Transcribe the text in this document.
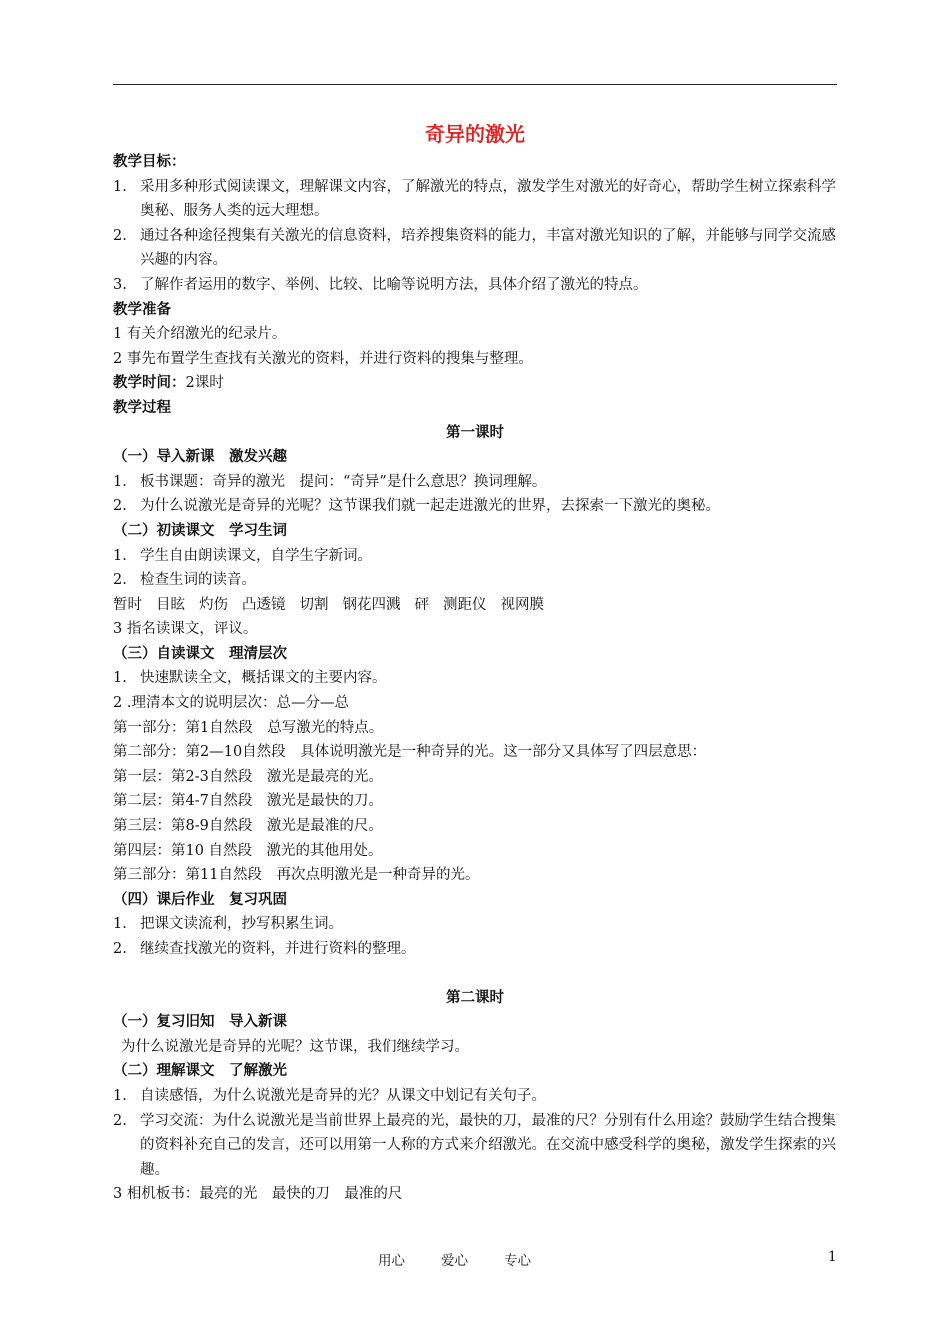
奇异的激光
教学目标：
1. 采用多种形式阅读课文，理解课文内容，了解激光的特点，激发学生对激光的好奇心，帮助学生树立探索科学奥秘、服务人类的远大理想。
2. 通过各种途径搜集有关激光的信息资料，培养搜集资料的能力，丰富对激光知识的了解，并能够与同学交流感兴趣的内容。
3. 了解作者运用的数字、举例、比较、比喻等说明方法，具体介绍了激光的特点。
教学准备
1 有关介绍激光的纪录片。
2 事先布置学生查找有关激光的资料，并进行资料的搜集与整理。
教学时间：2课时
教学过程
第一课时
（一）导入新课　激发兴趣
1. 板书课题：奇异的激光　提问：“奇异”是什么意思？换词理解。
2. 为什么说激光是奇异的光呢？这节课我们就一起走进激光的世界，去探索一下激光的奥秘。
（二）初读课文　学习生词
1. 学生自由朗读课文，自学生字新词。
2. 检查生词的读音。
暂时 目眩 灼伤 凸透镜 切割 钢花四溅 砰 测距仪 视网膜
3 指名读课文，评议。
（三）自读课文　理清层次
1. 快速默读全文，概括课文的主要内容。
2 .理清本文的说明层次：总—分—总
第一部分：第1自然段　总写激光的特点。
第二部分：第2—10自然段　具体说明激光是一种奇异的光。这一部分又具体写了四层意思：
第一层：第2-3自然段　激光是最亮的光。
第二层：第4-7自然段　激光是最快的刀。
第三层：第8-9自然段　激光是最准的尺。
第四层：第10 自然段　激光的其他用处。
第三部分：第11自然段　再次点明激光是一种奇异的光。
（四）课后作业　复习巩固
1. 把课文读流利，抄写积累生词。
2. 继续查找激光的资料，并进行资料的整理。
第二课时
（一）复习旧知　导入新课
为什么说激光是奇异的光呢？这节课，我们继续学习。
（二）理解课文　了解激光
1. 自读感悟，为什么说激光是奇异的光？从课文中划记有关句子。
2. 学习交流：为什么说激光是当前世界上最亮的光，最快的刀，最准的尺？分别有什么用途？鼓励学生结合搜集的资料补充自己的发言，还可以用第一人称的方式来介绍激光。在交流中感受科学的奥秘，激发学生探索的兴趣。
3 相机板书：最亮的光　最快的刀　最准的尺
用心	爱心	专心	1
